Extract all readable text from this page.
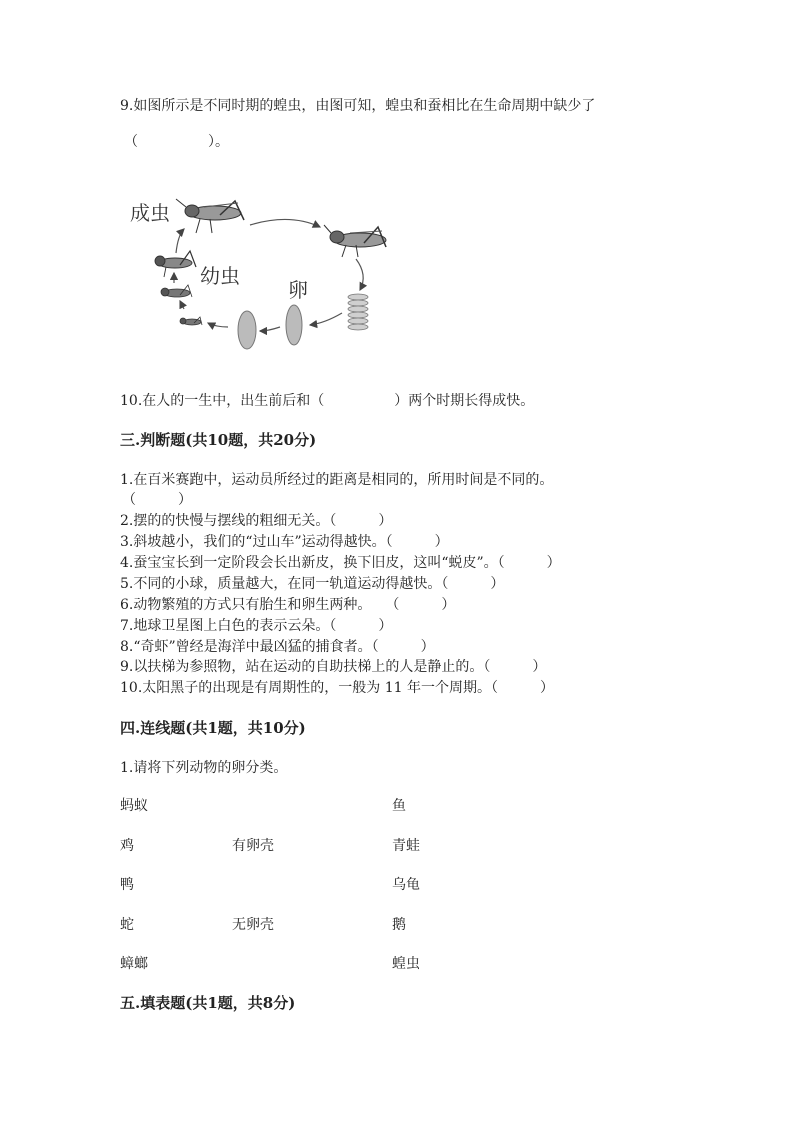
9.如图所示是不同时期的蝗虫，由图可知，蝗虫和蚕相比在生命周期中缺少了
（　　　　　）。
成虫
幼虫
卵
10.在人的一生中，出生前后和（　　　　　）两个时期长得成快。
三.判断题(共10题，共20分)
1.在百米赛跑中，运动员所经过的距离是相同的，所用时间是不同的。
（　　　）
2.摆的的快慢与摆线的粗细无关。（　　　）
3.斜坡越小，我们的“过山车”运动得越快。（　　　）
4.蚕宝宝长到一定阶段会长出新皮，换下旧皮，这叫“蜕皮”。（　　　）
5.不同的小球，质量越大，在同一轨道运动得越快。（　　　）
6.动物繁殖的方式只有胎生和卵生两种。　　（　　　）
7.地球卫星图上白色的表示云朵。（　　　）
8.“奇虾”曾经是海洋中最凶猛的捕食者。（　　　）
9.以扶梯为参照物，站在运动的自助扶梯上的人是静止的。（　　　）
10.太阳黑子的出现是有周期性的，一般为 11 年一个周期。（　　　）
四.连线题(共1题，共10分)
1.请将下列动物的卵分类。
蚂蚁
鸡
鸭
蛇
蟑螂
有卵壳
无卵壳
鱼
青蛙
乌龟
鹅
蝗虫
五.填表题(共1题，共8分)
